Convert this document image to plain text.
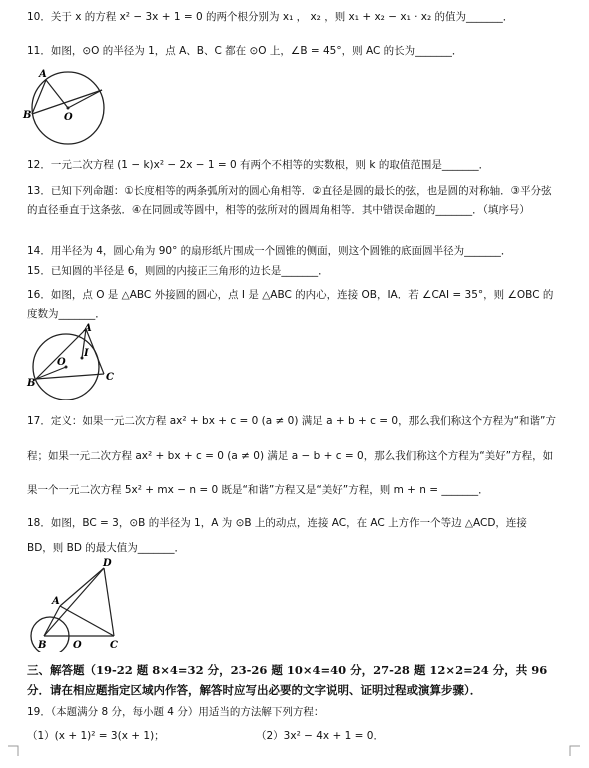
10．关于 x 的方程 x² − 3x + 1 = 0 的两个根分别为 x₁ ， x₂ ，则 x₁ + x₂ − x₁ · x₂ 的值为_______．
11．如图，⊙O 的半径为 1，点 A、B、C 都在 ⊙O 上，∠B = 45°，则 AC 的长为_______．
A
B	O
12．一元二次方程 (1 − k)x² − 2x − 1 = 0 有两个不相等的实数根，则 k 的取值范围是_______．
13．已知下列命题：①长度相等的两条弧所对的圆心角相等．②直径是圆的最长的弦，也是圆的对称轴．③平分弦的直径垂直于这条弦．④在同圆或等圆中，相等的弦所对的圆周角相等．其中错误命题的_______．（填序号）
14．用半径为 4，圆心角为 90° 的扇形纸片围成一个圆锥的侧面，则这个圆锥的底面圆半径为_______．
15．已知圆的半径是 6，则圆的内接正三角形的边长是_______．
16．如图，点 O 是 △ABC 外接圆的圆心，点 I 是 △ABC 的内心，连接 OB，IA．若 ∠CAI = 35°，则 ∠OBC 的度数为_______．
A
B
C
O
I
17．定义：如果一元二次方程 ax² + bx + c = 0 (a ≠ 0) 满足 a + b + c = 0，那么我们称这个方程为“和谐”方
程；如果一元二次方程 ax² + bx + c = 0 (a ≠ 0) 满足 a − b + c = 0，那么我们称这个方程为“美好”方程，如
果一个一元二次方程 5x² + mx − n = 0 既是“和谐”方程又是“美好”方程，则 m + n = _______．
18．如图，BC = 3，⊙B 的半径为 1，A 为 ⊙B 上的动点，连接 AC，在 AC 上方作一个等边 △ACD，连接
BD，则 BD 的最大值为_______．
D
A
B	O	C
三、解答题（19-22 题 8×4=32 分，23-26 题 10×4=40 分，27-28 题 12×2=24 分，共 96 分．请在相应题指定区域内作答，解答时应写出必要的文字说明、证明过程或演算步骤）．
19．（本题满分 8 分，每小题 4 分）用适当的方法解下列方程：
（1）(x + 1)² = 3(x + 1)；	（2）3x² − 4x + 1 = 0．
